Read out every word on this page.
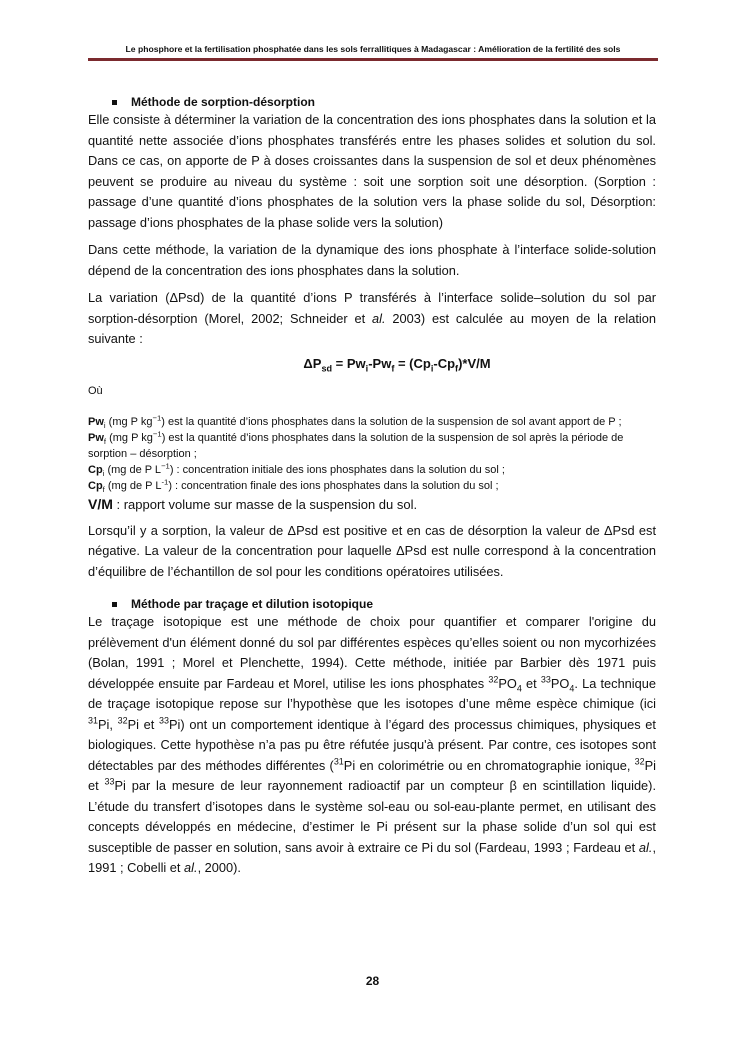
Le phosphore et la fertilisation phosphatée dans les sols ferrallitiques à Madagascar : Amélioration de la fertilité des sols
Méthode de sorption-désorption

Elle consiste à déterminer la variation de la concentration des ions phosphates dans la solution et la quantité nette associée d’ions phosphates transférés entre les phases solides et solution du sol. Dans ce cas, on apporte de P à doses croissantes dans la suspension de sol et deux phénomènes peuvent se produire au niveau du système : soit une sorption soit une désorption. (Sorption : passage d’une quantité d’ions phosphates de la solution vers la phase solide du sol, Désorption: passage d’ions phosphates de la phase solide vers la solution)

Dans cette méthode, la variation de la dynamique des ions phosphate à l’interface solide-solution dépend de la concentration des ions phosphates dans la solution.

La variation (ΔPsd) de la quantité d’ions P transférés à l’interface solide–solution du sol par sorption-désorption (Morel, 2002; Schneider et al. 2003) est calculée au moyen de la relation suivante :

$\Delta P_{sd} = Pw_i-Pw_f = (Cp_i-Cp_f)*V/M$
Où
$Pw_i$ (mg P $kg^{-1}$) est la quantité d’ions phosphates dans la solution de la suspension de sol avant apport de P ;
$Pw_f$ (mg P $kg^{-1}$) est la quantité d’ions phosphates dans la solution de la suspension de sol après la période de sorption – désorption ;
$Cp_i$ (mg de P $L^{-1}$) : concentration initiale des ions phosphates dans la solution du sol ;
$Cp_f$ (mg de P $L^{-1}$) : concentration finale des ions phosphates dans la solution du sol ;
V/M : rapport volume sur masse de la suspension du sol.

Lorsqu’il y a sorption, la valeur de ΔPsd est positive et en cas de désorption la valeur de ΔPsd est négative. La valeur de la concentration pour laquelle ΔPsd est nulle correspond à la concentration d’équilibre de l’échantillon de sol pour les conditions opératoires utilisées.

Méthode par traçage et dilution isotopique

Le traçage isotopique est une méthode de choix pour quantifier et comparer l'origine du prélèvement d'un élément donné du sol par différentes espèces qu’elles soient ou non mycorhizées (Bolan, 1991 ; Morel et Plenchette, 1994). Cette méthode, initiée par Barbier dès 1971 puis développée ensuite par Fardeau et Morel, utilise les ions phosphates $^{32}PO_4$ et $^{33}PO_4$. La technique de traçage isotopique repose sur l’hypothèse que les isotopes d’une même espèce chimique (ici $^{31}$Pi, $^{32}$Pi et $^{33}$Pi) ont un comportement identique à l’égard des processus chimiques, physiques et biologiques. Cette hypothèse n’a pas pu être réfutée jusqu'à présent. Par contre, ces isotopes sont détectables par des méthodes différentes ($^{31}$Pi en colorimétrie ou en chromatographie ionique, $^{32}$Pi et $^{33}$Pi par la mesure de leur rayonnement radioactif par un compteur β en scintillation liquide). L’étude du transfert d’isotopes dans le système sol-eau ou sol-eau-plante permet, en utilisant des concepts développés en médecine, d’estimer le Pi présent sur la phase solide d’un sol qui est susceptible de passer en solution, sans avoir à extraire ce Pi du sol (Fardeau, 1993 ; Fardeau et al., 1991 ; Cobelli et al., 2000).

28
